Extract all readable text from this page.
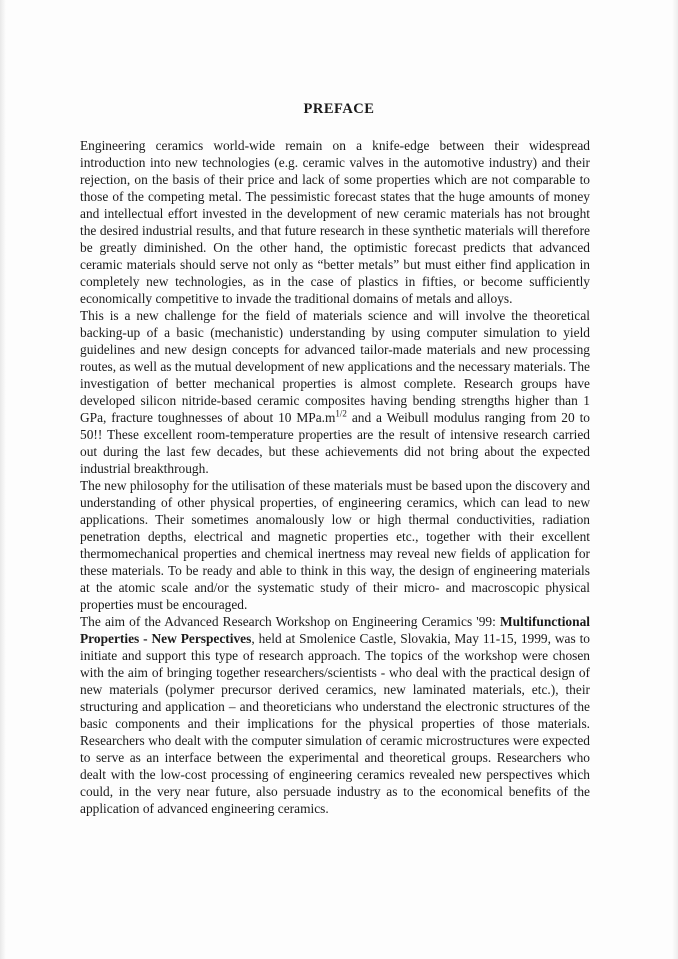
PREFACE

Engineering ceramics world-wide remain on a knife-edge between their widespread introduction into new technologies (e.g. ceramic valves in the automotive industry) and their rejection, on the basis of their price and lack of some properties which are not comparable to those of the competing metal. The pessimistic forecast states that the huge amounts of money and intellectual effort invested in the development of new ceramic materials has not brought the desired industrial results, and that future research in these synthetic materials will therefore be greatly diminished. On the other hand, the optimistic forecast predicts that advanced ceramic materials should serve not only as “better metals” but must either find application in completely new technologies, as in the case of plastics in fifties, or become sufficiently economically competitive to invade the traditional domains of metals and alloys.

This is a new challenge for the field of materials science and will involve the theoretical backing-up of a basic (mechanistic) understanding by using computer simulation to yield guidelines and new design concepts for advanced tailor-made materials and new processing routes, as well as the mutual development of new applications and the necessary materials. The investigation of better mechanical properties is almost complete. Research groups have developed silicon nitride-based ceramic composites having bending strengths higher than 1 GPa, fracture toughnesses of about 10 $MPa.m^{1/2}$ and a Weibull modulus ranging from 20 to 50!! These excellent room-temperature properties are the result of intensive research carried out during the last few decades, but these achievements did not bring about the expected industrial breakthrough.

The new philosophy for the utilisation of these materials must be based upon the discovery and understanding of other physical properties, of engineering ceramics, which can lead to new applications. Their sometimes anomalously low or high thermal conductivities, radiation penetration depths, electrical and magnetic properties etc., together with their excellent thermomechanical properties and chemical inertness may reveal new fields of application for these materials. To be ready and able to think in this way, the design of engineering materials at the atomic scale and/or the systematic study of their micro- and macroscopic physical properties must be encouraged.

The aim of the Advanced Research Workshop on Engineering Ceramics '99: Multifunctional Properties - New Perspectives, held at Smolenice Castle, Slovakia, May 11-15, 1999, was to initiate and support this type of research approach. The topics of the workshop were chosen with the aim of bringing together researchers/scientists - who deal with the practical design of new materials (polymer precursor derived ceramics, new laminated materials, etc.), their structuring and application – and theoreticians who understand the electronic structures of the basic components and their implications for the physical properties of those materials. Researchers who dealt with the computer simulation of ceramic microstructures were expected to serve as an interface between the experimental and theoretical groups. Researchers who dealt with the low-cost processing of engineering ceramics revealed new perspectives which could, in the very near future, also persuade industry as to the economical benefits of the application of advanced engineering ceramics.
